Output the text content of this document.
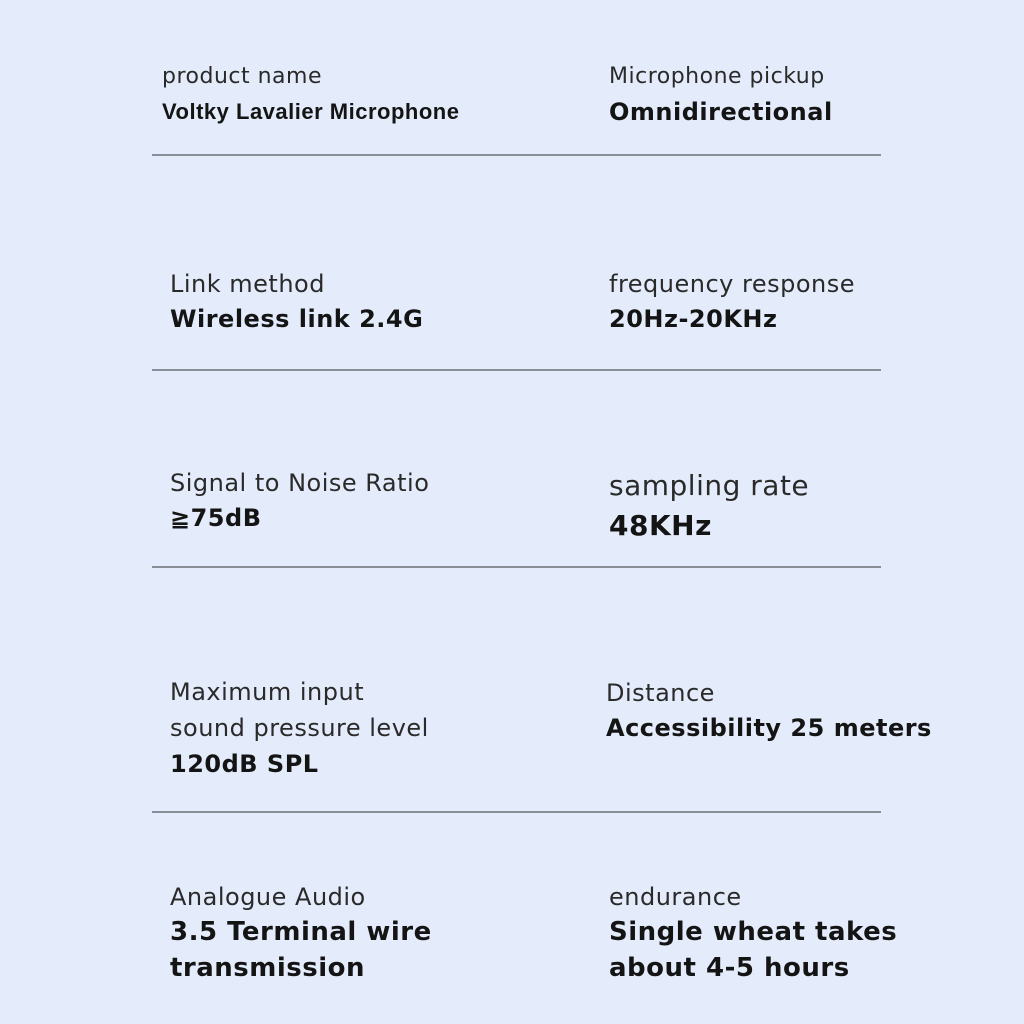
product name
Voltky Lavalier Microphone
Microphone pickup
Omnidirectional
Link method
Wireless link 2.4G
frequency response
20Hz-20KHz
Signal to Noise Ratio
≧75dB
sampling rate
48KHz
Maximum input
sound pressure level
120dB SPL
Distance
Accessibility 25 meters
Analogue Audio
3.5 Terminal wire
transmission
endurance
Single wheat takes
about 4-5 hours
